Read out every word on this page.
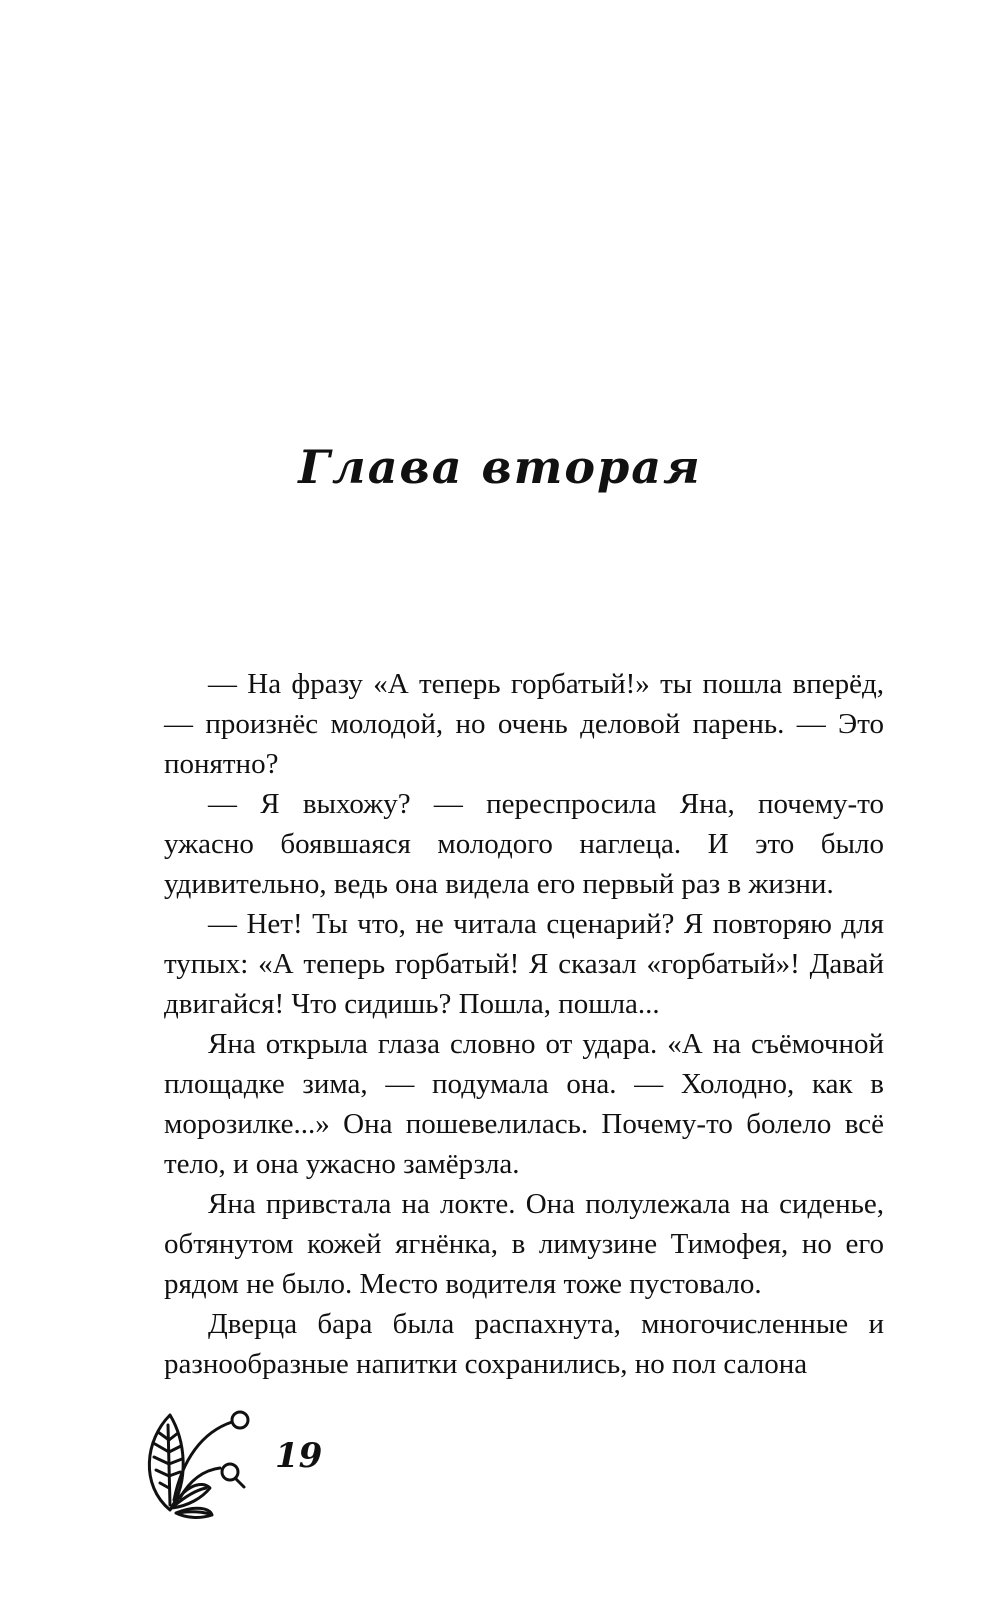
Глава вторая

— На фразу «А теперь горбатый!» ты пошла вперёд, — произнёс молодой, но очень деловой парень. — Это понятно?

— Я выхожу? — переспросила Яна, почему-то ужасно боявшаяся молодого наглеца. И это было удивительно, ведь она видела его первый раз в жизни.

— Нет! Ты что, не читала сценарий? Я повторяю для тупых: «А теперь горбатый! Я сказал «горбатый»! Давай двигайся! Что сидишь? Пошла, пошла...

Яна открыла глаза словно от удара. «А на съёмочной площадке зима, — подумала она. — Холодно, как в морозилке...» Она пошевелилась. Почему-то болело всё тело, и она ужасно замёрзла.

Яна привстала на локте. Она полулежала на сиденье, обтянутом кожей ягнёнка, в лимузине Тимофея, но его рядом не было. Место водителя тоже пустовало.

Дверца бара была распахнута, многочисленные и разнообразные напитки сохранились, но пол салона

19
